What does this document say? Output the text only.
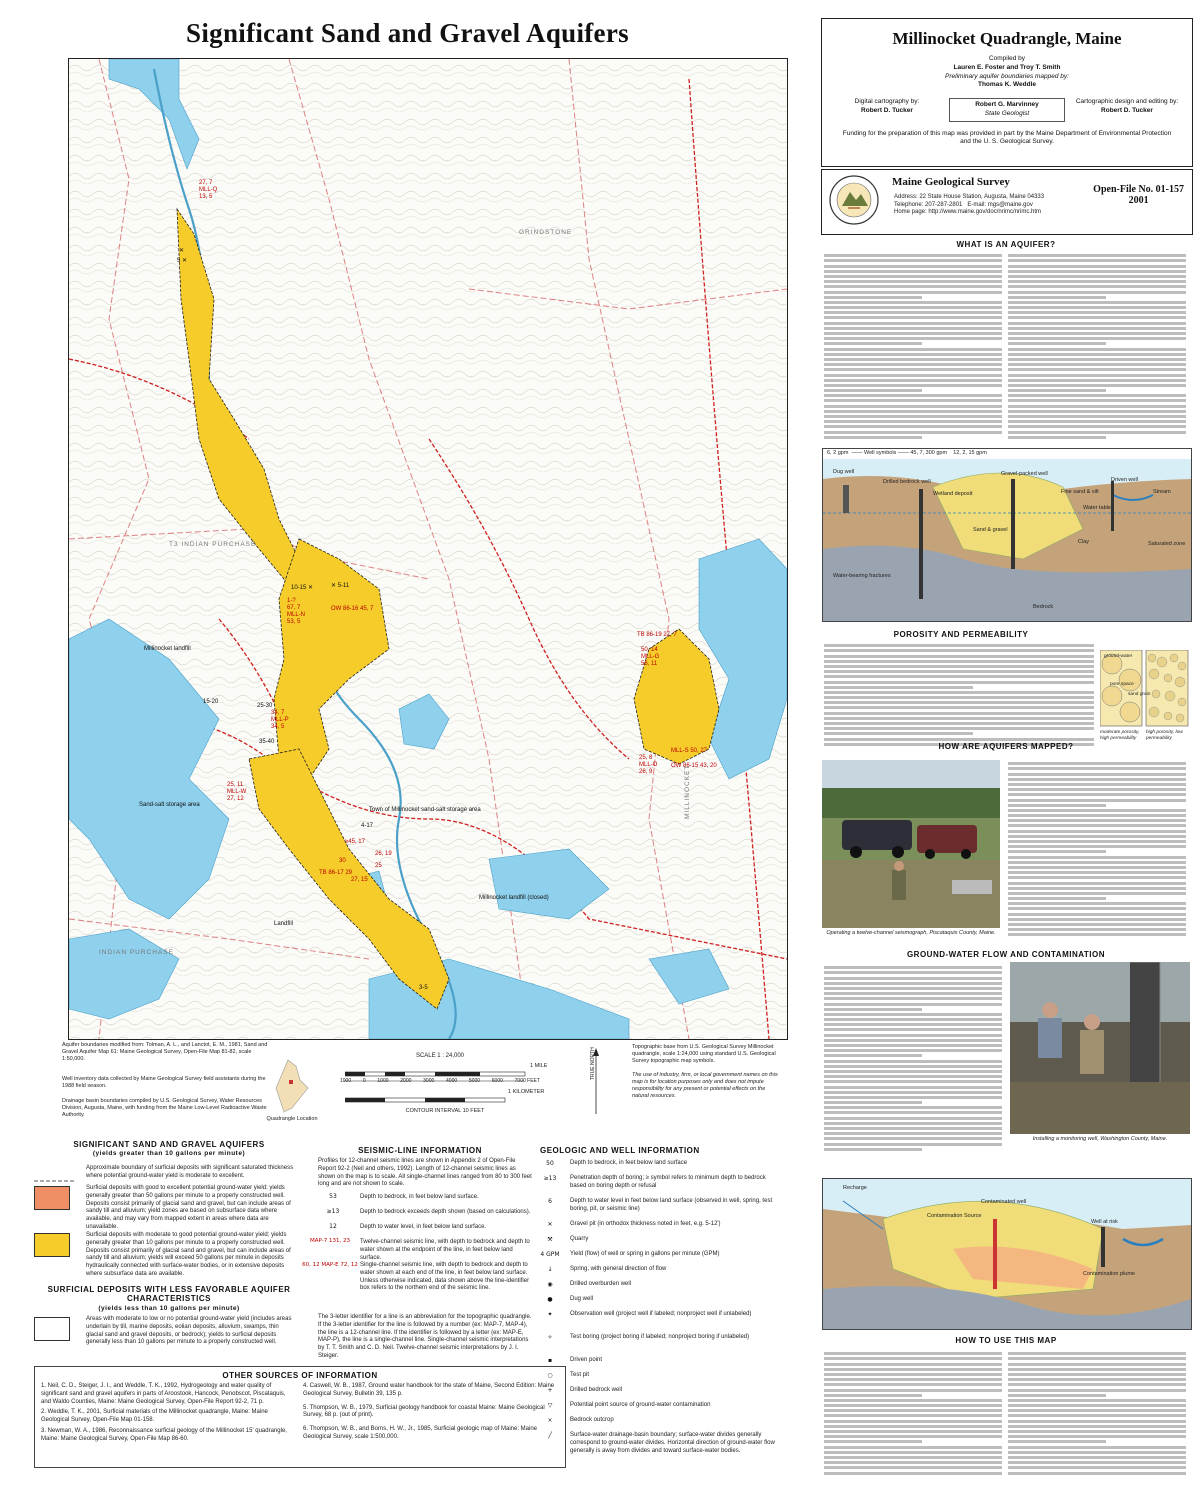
Significant Sand and Gravel Aquifers
T3 INDIAN PURCHASE
INDIAN PURCHASE
GRINDSTONE
MILLINOCKET
Millinocket landfill
Sand-salt storage area
Town of Millinocket sand-salt storage area
Millinocket landfill (closed)
Landfill
27, 7
MLL-Q
13, 5
5 ✕
✕
10-15 ✕	✕ 5-11
1-?
67, 7
MLL-N
53, 5
OW 86-16 45, 7
34, 7
MLL-P
34, 5
35-40
25, 11
MLL-W
27, 12
15-20
25-30
4-17
≥45, 17
26, 19
30
25
TB 86-17 29
27, 15
3-5
TB 86-19 27, 7
50, 14
MLL-G
56, 11
MLL-S 50, 27
25, 8
MLL-O
26, 9
OW 86-15 43, 20
Aquifer boundaries modified from: Tolman, A. L., and Lanctot, E. M., 1981, Sand and Gravel Aquifer Map 61: Maine Geological Survey, Open-File Map 81-82, scale 1:50,000.
Well inventory data collected by Maine Geological Survey field assistants during the 1988 field season.
Drainage basin boundaries compiled by U.S. Geological Survey, Water Resources Division, Augusta, Maine, with funding from the Maine Low-Level Radioactive Waste Authority.
Quadrangle Location
SCALE 1 : 24,000
1 MILE
1000 0 1000 2000 3000 4000 5000 6000 7000 FEET
1 KILOMETER
CONTOUR INTERVAL 10 FEET
TRUE NORTH
Topographic base from U.S. Geological Survey Millinocket quadrangle, scale 1:24,000 using standard U.S. Geological Survey topographic map symbols.
The use of industry, firm, or local government names on this map is for location purposes only and does not impute responsibility for any present or potential effects on the natural resources.
SIGNIFICANT SAND AND GRAVEL AQUIFERS
(yields greater than 10 gallons per minute)
Approximate boundary of surficial deposits with significant saturated thickness where potential ground-water yield is moderate to excellent.
Surficial deposits with good to excellent potential ground-water yield; yields generally greater than 50 gallons per minute to a properly constructed well. Deposits consist primarily of glacial sand and gravel, but can include areas of sandy till and alluvium; yield zones are based on subsurface data where available, and may vary from mapped extent in areas where data are unavailable.
Surficial deposits with moderate to good potential ground-water yield; yields generally greater than 10 gallons per minute to a properly constructed well. Deposits consist primarily of glacial sand and gravel, but can include areas of sandy till and alluvium; yields will exceed 50 gallons per minute in deposits hydraulically connected with surface-water bodies, or in extensive deposits where subsurface data are available.
SURFICIAL DEPOSITS WITH LESS FAVORABLE AQUIFER CHARACTERISTICS
(yields less than 10 gallons per minute)
Areas with moderate to low or no potential ground-water yield (includes areas underlain by till, marine deposits, eolian deposits, alluvium, swamps, thin glacial sand and gravel deposits, or bedrock); yields to surficial deposits generally less than 10 gallons per minute to a properly constructed well.
SEISMIC-LINE INFORMATION
Profiles for 12-channel seismic lines are shown in Appendix 2 of Open-File Report 92-2 (Neil and others, 1992). Length of 12-channel seismic lines as shown on the map is to scale. All single-channel lines ranged from 80 to 300 feet long and are not shown to scale.
53	Depth to bedrock, in feet below land surface.
≥13	Depth to bedrock exceeds depth shown (based on calculations).
12	Depth to water level, in feet below land surface.
MAP-7 131, 23	Twelve-channel seismic line, with depth to bedrock and depth to water shown at the endpoint of the line, in feet below land surface.
60, 12 MAP-E 72, 12 Single-channel seismic line, with depth to bedrock and depth to water shown at each end of the line, in feet below land surface. Unless otherwise indicated, data shown above the line-identifier box refers to the northern end of the seismic line.
The 3-letter identifier for a line is an abbreviation for the topographic quadrangle. If the 3-letter identifier for the line is followed by a number (ex: MAP-7, MAP-4), the line is a 12-channel line. If the identifier is followed by a letter (ex: MAP-E, MAP-P), the line is a single-channel line. Single-channel seismic interpretations by T. T. Smith and C. D. Neil. Twelve-channel seismic interpretations by J. I. Steiger.
GEOLOGIC AND WELL INFORMATION
50	Depth to bedrock, in feet below land surface
≥13	Penetration depth of boring; ≥ symbol refers to minimum depth to bedrock based on boring depth or refusal
6	Depth to water level in feet below land surface (observed in well, spring, test boring, pit, or seismic line)
✕	Gravel pit (in orthodox thickness noted in feet, e.g. 5-12')
⚒	Quarry
4 GPM	Yield (flow) of well or spring in gallons per minute (GPM)
↓	Spring, with general direction of flow
◉	Drilled overburden well
●	Dug well
✦	Observation well (project well if labeled; nonproject well if unlabeled)
✧	Test boring (project boring if labeled; nonproject boring if unlabeled)
▪	Driven point
○	Test pit
+	Drilled bedrock well
▽	Potential point source of ground-water contamination
×	Bedrock outcrop
╱	Surface-water drainage-basin boundary; surface-water divides generally correspond to ground-water divides. Horizontal direction of ground-water flow generally is away from divides and toward surface-water bodies.
OTHER SOURCES OF INFORMATION
1. Neil, C. D., Steiger, J. I., and Weddle, T. K., 1992, Hydrogeology and water quality of significant sand and gravel aquifers in parts of Aroostook, Hancock, Penobscot, Piscataquis, and Waldo Counties, Maine: Maine Geological Survey, Open-File Report 92-2, 71 p.
2. Weddle, T. K., 2001, Surficial materials of the Millinocket quadrangle, Maine: Maine Geological Survey, Open-File Map 01-158.
3. Newman, W. A., 1986, Reconnaissance surficial geology of the Millinocket 15' quadrangle, Maine: Maine Geological Survey, Open-File Map 86-60.
4. Caswell, W. B., 1987, Ground water handbook for the state of Maine, Second Edition: Maine Geological Survey, Bulletin 39, 135 p.
5. Thompson, W. B., 1979, Surficial geology handbook for coastal Maine: Maine Geological Survey, 68 p. (out of print).
6. Thompson, W. B., and Borns, H. W., Jr., 1985, Surficial geologic map of Maine: Maine Geological Survey, scale 1:500,000.
Millinocket Quadrangle, Maine
Compiled by
Lauren E. Foster and Troy T. Smith
Preliminary aquifer boundaries mapped by:
Thomas K. Weddle
Digital cartography by:
Robert D. Tucker
Robert G. Marvinney
State Geologist
Cartographic design and editing by:
Robert D. Tucker
Funding for the preparation of this map was provided in part by the Maine Department of Environmental Protection and the U. S. Geological Survey.
Maine Geological Survey
Address: 22 State House Station, Augusta, Maine 04333
Telephone: 207-287-2801 E-mail: mgs@maine.gov
Home page: http://www.maine.gov/doc/nrimc/nrimc.htm
Open-File No. 01-157
2001
WHAT IS AN AQUIFER?
6, 2 gpm  —— Well symbols —— 45, 7, 300 gpm 12, 2, 15 gpm
Dug well
Drilled bedrock well
Wetland deposit
Gravel-packed well
Fine sand & silt
Driven well
Stream
Water table
Sand & gravel
Clay	Saturated zone
Water-bearing fractures
Bedrock
POROSITY AND PERMEABILITY
moderate porosity, high permeability
high porosity, low permeability
ground-water
sand grain
pore space
HOW ARE AQUIFERS MAPPED?
Operating a twelve-channel seismograph, Piscataquis County, Maine.
GROUND-WATER FLOW AND CONTAMINATION
Installing a monitoring well, Washington County, Maine.
Recharge
Contaminated well
Contamination Source
Well at risk
Contamination plume
HOW TO USE THIS MAP
